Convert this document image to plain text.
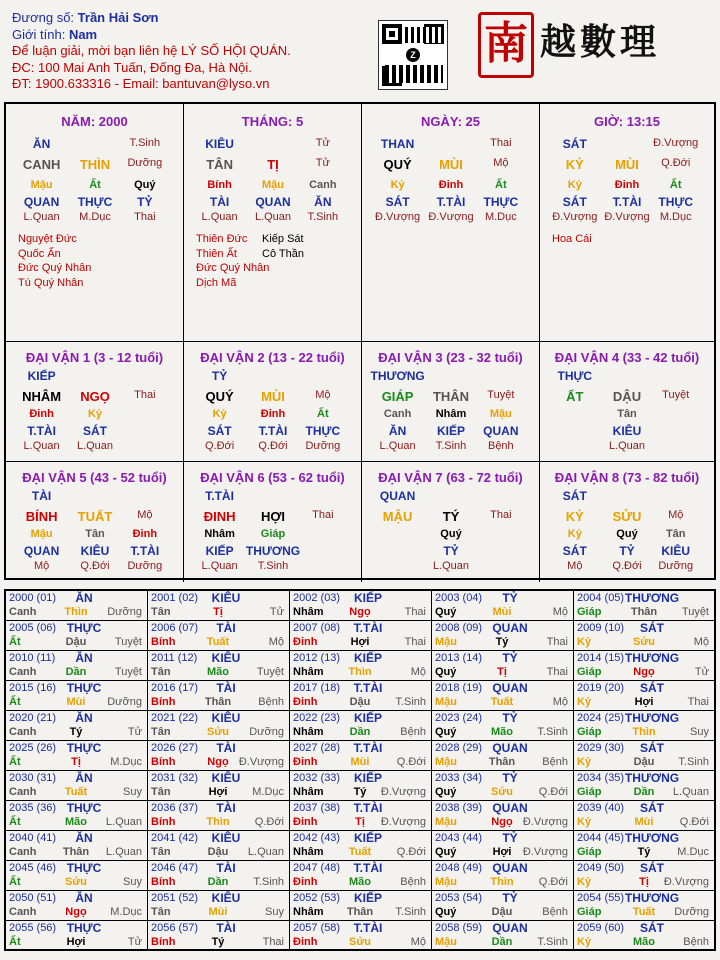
Đương số: Trần Hải Sơn
Giới tính: Nam
Để luận giải, mời bạn liên hệ LÝ SỐ HỘI QUÁN.
ĐC: 100 Mai Anh Tuấn, Đống Đa, Hà Nội.
ĐT: 1900.633316 - Email: bantuvan@lyso.vn
Z 南 越數理
NĂM: 2000
ĂN	T.Sinh
CANH THÌN Dưỡng
Mậu	Ất	Quý
QUAN THỰC TỶ
L.Quan M.Dục Thai
Nguyệt Đức
Quốc Ấn
Đức Quý Nhân
Tú Quý Nhân
THÁNG: 5
KIÊU	Tử
TÂN	TỊ	Tử
Bính	Mậu Canh
TÀI QUAN ĂN
L.Quan L.Quan T.Sinh
Thiên Đức
Thiên Ất
Đức Quý Nhân
Dịch Mã
Kiếp Sát
Cô Thần
NGÀY: 25
THAN	Thai
QUÝ MÙI	Mộ
Kỷ	Đinh	Ất
SÁT T.TÀI THỰC
Đ.Vượng Đ.Vượng M.Dục
GIỜ: 13:15
SÁT	Đ.Vượng
KỶ MÙI Q.Đới
Kỷ	Đinh	Ất
SÁT T.TÀI THỰC
Đ.Vượng Đ.Vượng M.Dục
Hoa Cái
ĐẠI VẬN 1 (3 - 12 tuổi)
KIẾP
NHÂM NGỌ Thai
Đinh	Kỷ
T.TÀI SÁT
L.Quan L.Quan
ĐẠI VẬN 2 (13 - 22 tuổi)
TỶ
QUÝ MÙI	Mộ
Kỷ	Đinh	Ất
SÁT T.TÀI THỰC
Q.Đới Q.Đới Dưỡng
ĐẠI VẬN 3 (23 - 32 tuổi)
THƯƠNG
GIÁP THÂN Tuyệt
Canh Nhâm Mậu
ĂN	KIẾP QUAN
L.Quan T.Sinh Bệnh
ĐẠI VẬN 4 (33 - 42 tuổi)
THỰC
ẤT DẬU Tuyệt
Tân
KIÊU
L.Quan
ĐẠI VẬN 5 (43 - 52 tuổi)
TÀI
BÍNH TUẤT Mộ
Mậu	Tân	Đinh
QUAN KIÊU T.TÀI
Mộ	Q.Đới Dưỡng
ĐẠI VẬN 6 (53 - 62 tuổi)
T.TÀI
ĐINH HỢI Thai
Nhâm Giáp
KIẾP THƯƠNG
L.Quan T.Sinh
ĐẠI VẬN 7 (63 - 72 tuổi)
QUAN
MẬU TÝ	Thai
Quý
TỶ
L.Quan
ĐẠI VẬN 8 (73 - 82 tuổi)
SÁT
KỶ SỬU Mộ
Kỷ	Quý	Tân
SÁT	TỶ KIÊU
Mộ	Q.Đới Dưỡng
2000 (01) ĂN
Canh	Thìn Dưỡng
2001 (02) KIÊU
Tân	Tị	Tử
2002 (03) KIẾP
Nhâm Ngọ	Thai
2003 (04) TỶ
Quý	Mùi	Mộ
2004 (05) THƯƠNG
Giáp	Thân Tuyệt
2005 (06) THỰC
Ất	Dậu	Tuyệt
2006 (07) TÀI
Bính	Tuất	Mộ
2007 (08) T.TÀI
Đinh	Hợi	Thai
2008 (09) QUAN
Mậu	Tý	Thai
2009 (10) SÁT
Kỷ	Sửu	Mộ
2010 (11) ĂN
Canh	Dần	Tuyệt
2011 (12) KIÊU
Tân	Mão	Tuyệt
2012 (13) KIẾP
Nhâm Thìn	Mộ
2013 (14) TỶ
Quý	Tị	Thai
2014 (15) THƯƠNG
Giáp	Ngọ	Tử
2015 (16) THỰC
Ất	Mùi Dưỡng
2016 (17) TÀI
Bính	Thân Bệnh
2017 (18) T.TÀI
Đinh	Dậu T.Sinh
2018 (19) QUAN
Mậu	Tuất	Mộ
2019 (20) SÁT
Kỷ	Hợi	Thai
2020 (21) ĂN
Canh	Tý	Tử
2021 (22) KIÊU
Tân	Sửu Dưỡng
2022 (23) KIẾP
Nhâm Dần	Bệnh
2023 (24) TỶ
Quý	Mão T.Sinh
2024 (25) THƯƠNG
Giáp	Thìn	Suy
2025 (26) THỰC
Ất	Tị	M.Dục
2026 (27) TÀI
Bính	Ngọ Đ.Vượng
2027 (28) T.TÀI
Đinh	Mùi Q.Đới
2028 (29) QUAN
Mậu	Thân Bệnh
2029 (30) SÁT
Kỷ	Dậu T.Sinh
2030 (31) ĂN
Canh	Tuất	Suy
2031 (32) KIÊU
Tân	Hợi M.Dục
2032 (33) KIẾP
Nhâm	Tý Đ.Vượng
2033 (34) TỶ
Quý	Sửu Q.Đới
2034 (35) THƯƠNG
Giáp	Dần L.Quan
2035 (36) THỰC
Ất	Mão L.Quan
2036 (37) TÀI
Bính	Thìn Q.Đới
2037 (38) T.TÀI
Đinh	Tị Đ.Vượng
2038 (39) QUAN
Mậu	Ngọ Đ.Vượng
2039 (40) SÁT
Kỷ	Mùi Q.Đới
2040 (41) ĂN
Canh Thân L.Quan
2041 (42) KIÊU
Tân	Dậu L.Quan
2042 (43) KIẾP
Nhâm Tuất Q.Đới
2043 (44) TỶ
Quý	Hợi Đ.Vượng
2044 (45) THƯƠNG
Giáp	Tý M.Dục
2045 (46) THỰC
Ất	Sửu	Suy
2046 (47) TÀI
Bính	Dần T.Sinh
2047 (48) T.TÀI
Đinh	Mão	Bệnh
2048 (49) QUAN
Mậu	Thìn Q.Đới
2049 (50) SÁT
Kỷ	Tị Đ.Vượng
2050 (51) ĂN
Canh	Ngọ M.Dục
2051 (52) KIÊU
Tân	Mùi	Suy
2052 (53) KIẾP
Nhâm Thân T.Sinh
2053 (54) TỶ
Quý	Dậu	Bệnh
2054 (55) THƯƠNG
Giáp	Tuất Dưỡng
2055 (56) THỰC
Ất	Hợi	Tử
2056 (57) TÀI
Bính	Tý	Thai
2057 (58) T.TÀI
Đinh	Sửu	Mộ
2058 (59) QUAN
Mậu	Dần T.Sinh
2059 (60) SÁT
Kỷ	Mão	Bệnh
